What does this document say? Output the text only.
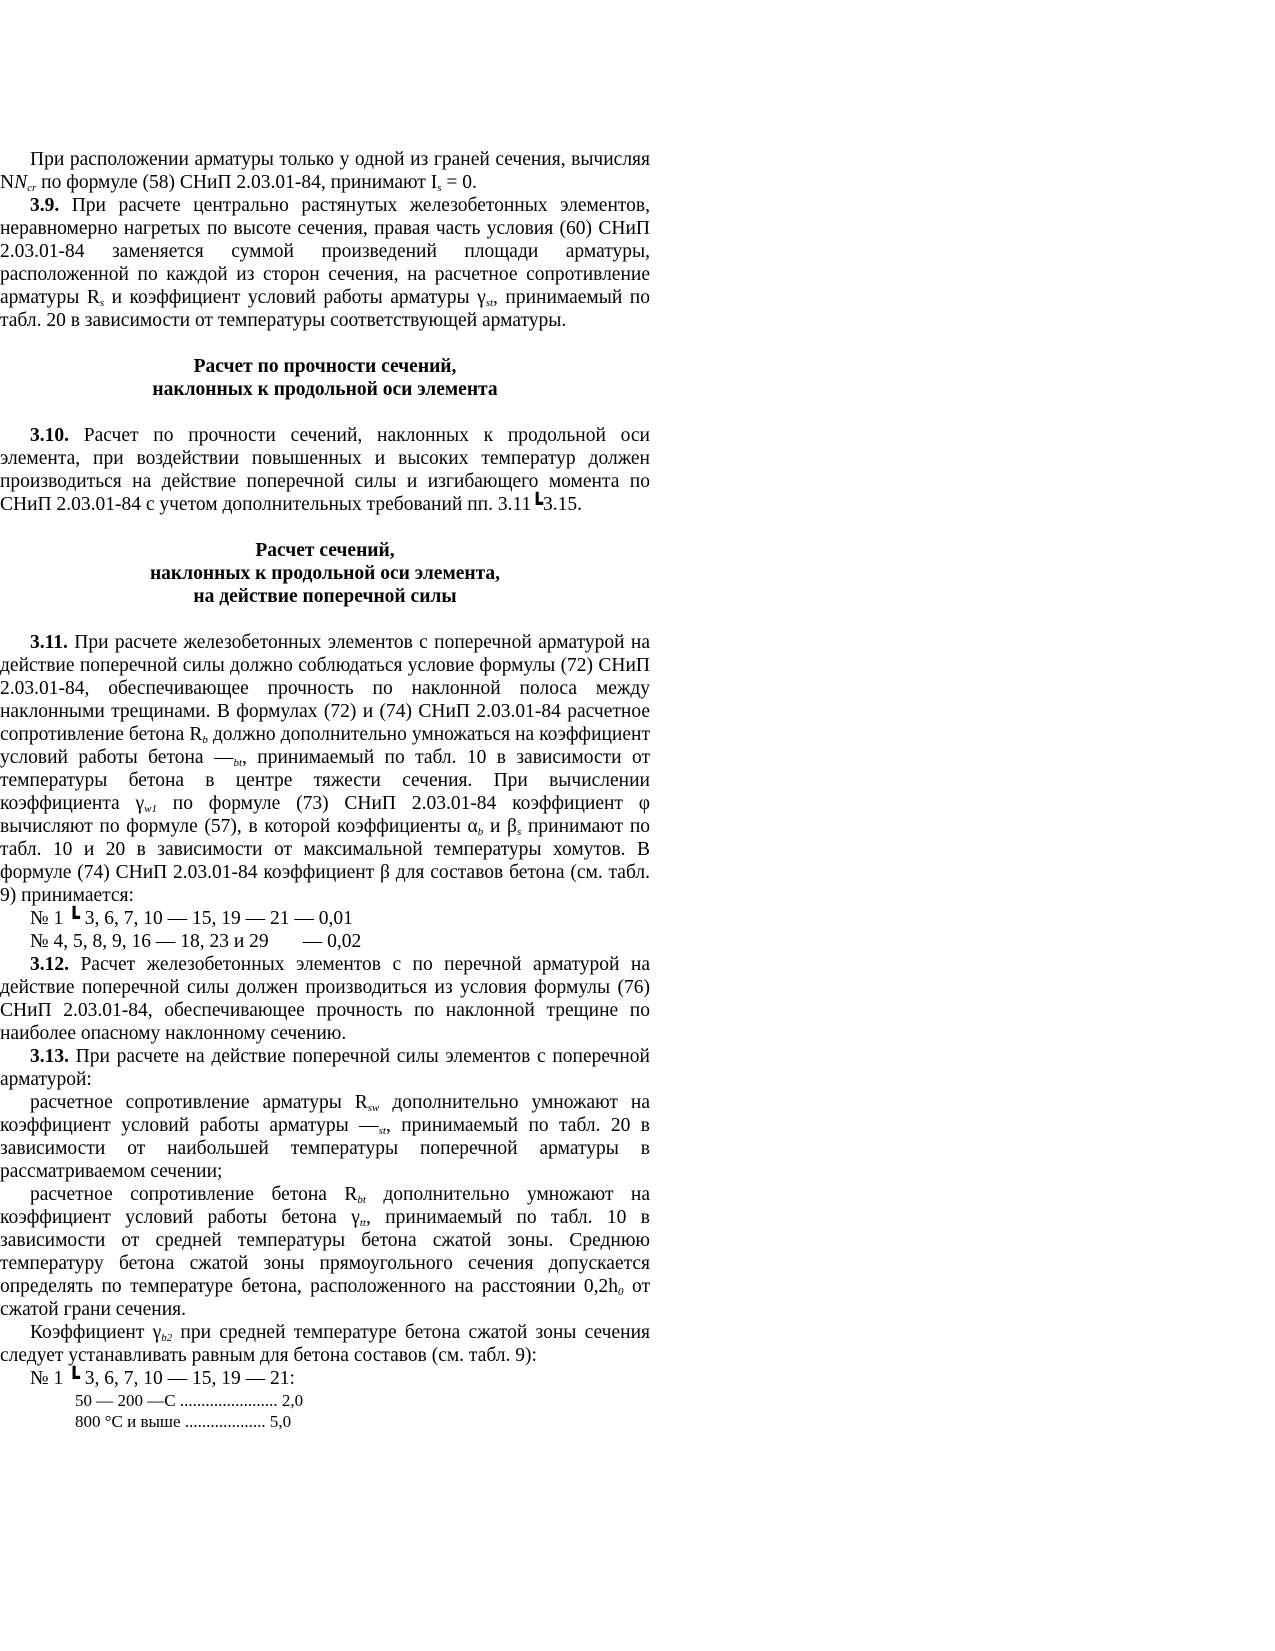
При расположении арматуры только у одной из граней сечения, вычисляя $NN_{cr}$ по формуле (58) СНиП 2.03.01-84, принимают $I_s = 0$.

3.9. При расчете центрально растянутых железобетонных элементов, неравномерно нагретых по высоте сечения, правая часть условия (60) СНиП 2.03.01-84 заменяется суммой произведений площади арматуры, расположенной по каждой из сторон сечения, на расчетное сопротивление арматуры $R_s$ и коэффициент условий работы арматуры $\gamma_{st}$, принимаемый по табл. 20 в зависимости от температуры соответствующей арматуры.

Расчет по прочности сечений,
наклонных к продольной оси элемента

3.10. Расчет по прочности сечений, наклонных к продольной оси элемента, при воздействии повышенных и высоких температур должен производиться на действие поперечной силы и изгибающего момента по СНиП 2.03.01-84 с учетом дополнительных требований пп. 3.11┗3.15.

Расчет сечений,
наклонных к продольной оси элемента,
на действие поперечной силы

3.11. При расчете железобетонных элементов с поперечной арматурой на действие поперечной силы должно соблюдаться условие формулы (72) СНиП 2.03.01-84, обеспечивающее прочность по наклонной полоса между наклонными трещинами. В формулах (72) и (74) СНиП 2.03.01-84 расчетное сопротивление бетона $R_b$ должно дополнительно умножаться на коэффициент условий работы бетона $—_{bt}$, принимаемый по табл. 10 в зависимости от температуры бетона в центре тяжести сечения. При вычислении коэффициента $\gamma_{w1}$ по формуле (73) СНиП 2.03.01-84 коэффициент φ вычисляют по формуле (57), в которой коэффициенты $\alpha_b$ и $\beta_s$ принимают по табл. 10 и 20 в зависимости от максимальной температуры хомутов. В формуле (74) СНиП 2.03.01-84 коэффициент β для составов бетона (см. табл. 9) принимается:

№ 1 ┗ 3, 6, 7, 10 — 15, 19 — 21 — 0,01

№ 4, 5, 8, 9, 16 — 18, 23 и 29       — 0,02

3.12. Расчет железобетонных элементов с по перечной арматурой на действие поперечной силы должен производиться из условия формулы (76) СНиП 2.03.01-84, обеспечивающее прочность по наклонной трещине по наиболее опасному наклонному сечению.

3.13. При расчете на действие поперечной силы элементов с поперечной арматурой:

расчетное сопротивление арматуры $R_{sw}$ дополнительно умножают на коэффициент условий работы арматуры $—_{st}$, принимаемый по табл. 20 в зависимости от наибольшей температуры поперечной арматуры в рассматриваемом сечении;

расчетное сопротивление бетона $R_{bt}$ дополнительно умножают на коэффициент условий работы бетона $\gamma_{tt}$, принимаемый по табл. 10 в зависимости от средней температуры бетона сжатой зоны. Среднюю температуру бетона сжатой зоны прямоугольного сечения допускается определять по температуре бетона, расположенного на расстоянии $0,2h_0$ от сжатой грани сечения.

Коэффициент $\gamma_{b2}$ при средней температуре бетона сжатой зоны сечения следует устанавливать равным для бетона составов (см. табл. 9):

№ 1 ┗ 3, 6, 7, 10 — 15, 19 — 21:

50 — 200 —С ....................... 2,0

800 °С и выше ................... 5,0
